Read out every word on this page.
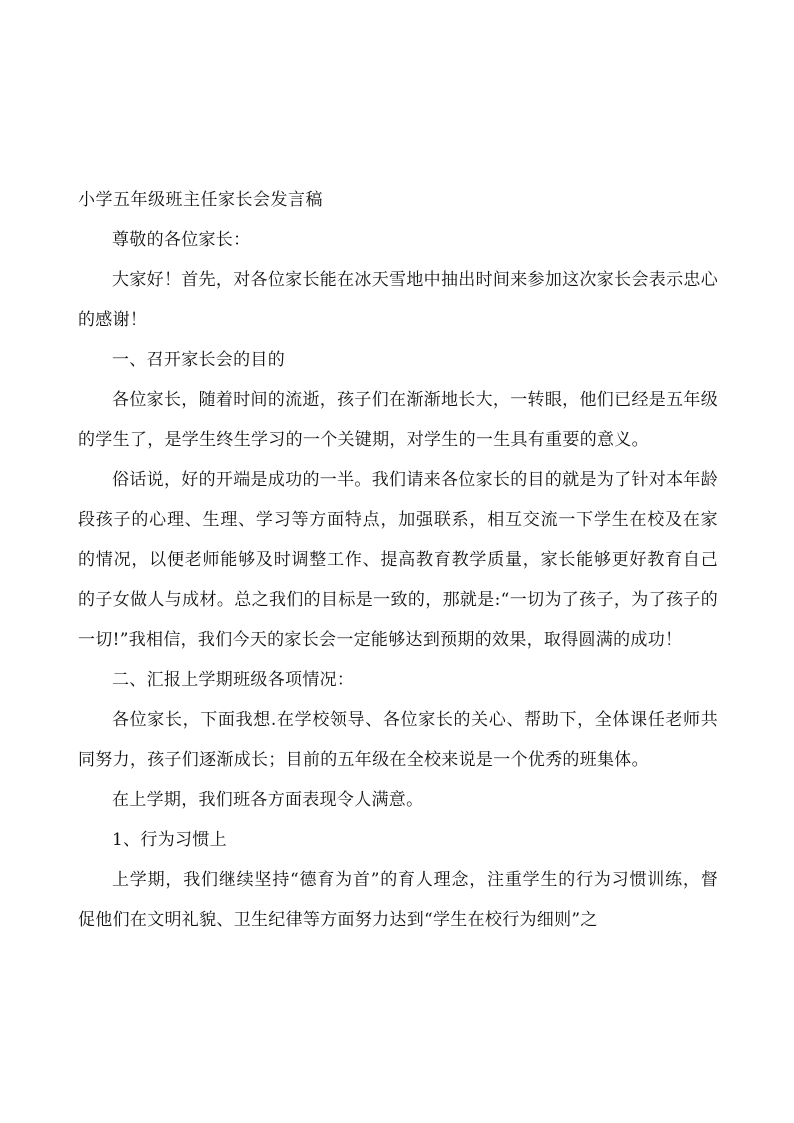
小学五年级班主任家长会发言稿

尊敬的各位家长：

大家好！首先，对各位家长能在冰天雪地中抽出时间来参加这次家长会表示忠心的感谢！

一、召开家长会的目的

各位家长，随着时间的流逝，孩子们在渐渐地长大，一转眼，他们已经是五年级的学生了，是学生终生学习的一个关键期，对学生的一生具有重要的意义。

俗话说，好的开端是成功的一半。我们请来各位家长的目的就是为了针对本年龄段孩子的心理、生理、学习等方面特点，加强联系，相互交流一下学生在校及在家的情况，以便老师能够及时调整工作、提高教育教学质量，家长能够更好教育自己的子女做人与成材。总之我们的目标是一致的，那就是:“一切为了孩子，为了孩子的一切!”我相信，我们今天的家长会一定能够达到预期的效果，取得圆满的成功！

二、汇报上学期班级各项情况：

各位家长，下面我想.在学校领导、各位家长的关心、帮助下，全体课任老师共同努力，孩子们逐渐成长；目前的五年级在全校来说是一个优秀的班集体。

在上学期，我们班各方面表现令人满意。

1、行为习惯上

上学期，我们继续坚持“德育为首”的育人理念，注重学生的行为习惯训练，督促他们在文明礼貌、卫生纪律等方面努力达到“学生在校行为细则”之
